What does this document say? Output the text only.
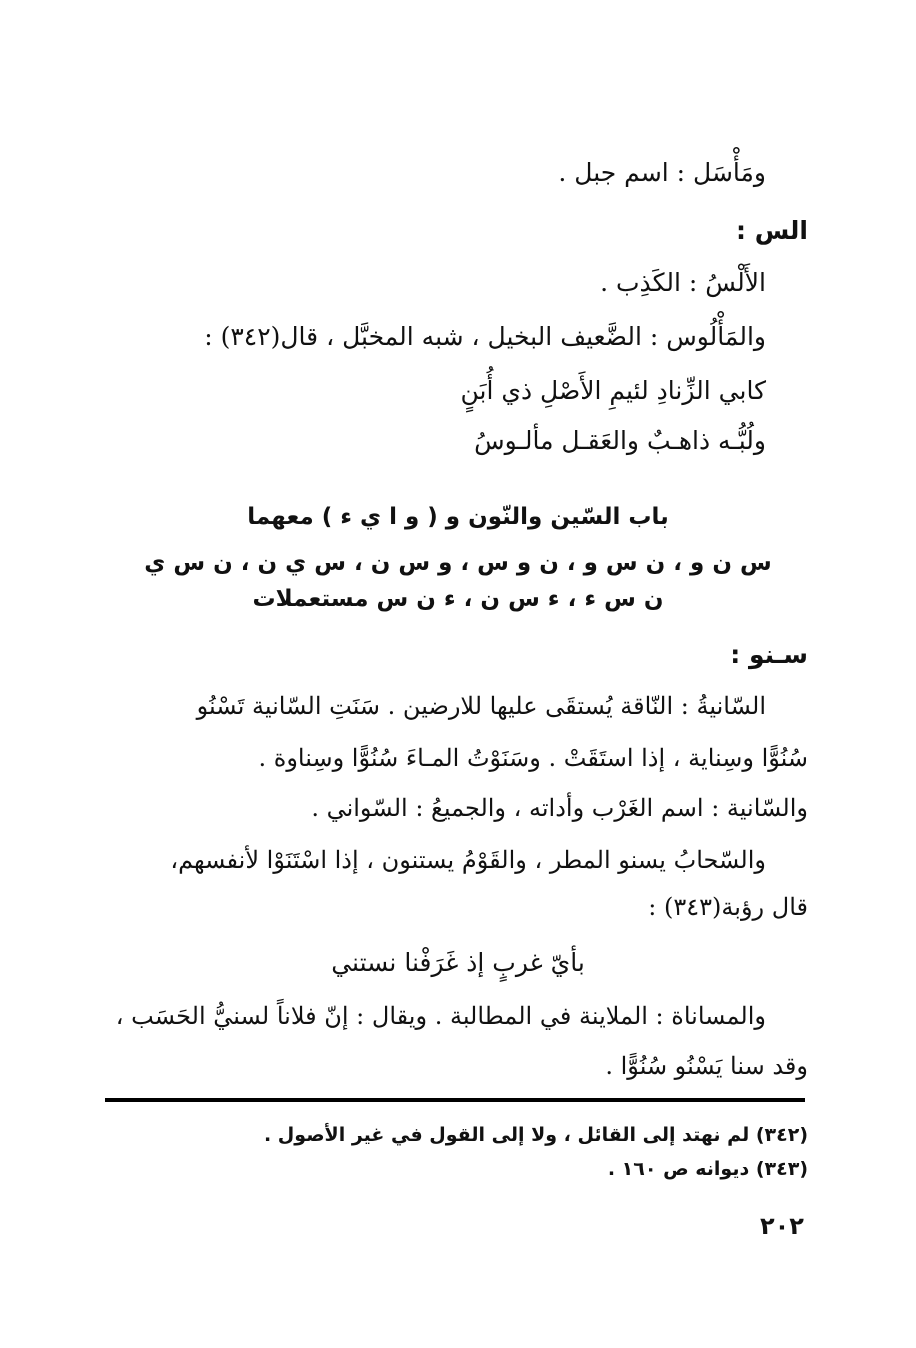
ومَأْسَل : اسم جبل .
الس :
الأَلْسُ : الكَذِب .
والمَأْلُوس : الضَّعيف البخيل ، شبه المخبَّل ، قال(٣٤٢) :
كابي الزِّنادِ لئيمِ الأَصْلِ ذي أُبَنٍ
ولُبُّـه ذاهـبٌ والعَقـل مألـوسُ
باب السّين والنّون و ( و ا ي ء ) معهما
س ن و ، ن س و ، ن و س ، و س ن ، س ي ن ، ن س ي
ن س ء ، ء س ن ، ء ن س مستعملات
سـنو :
السّانيةُ : النّاقة يُستقَى عليها للارضين . سَنَتِ السّانية تَسْنُو
سُنُوًّا وسِناية ، إذا استَقَتْ . وسَنَوْتُ المـاءَ سُنُوًّا وسِناوة .
والسّانية : اسم الغَرْب وأداته ، والجميعُ : السّواني .
والسّحابُ يسنو المطر ، والقَوْمُ يستنون ، إذا اسْتَنَوْا لأنفسهم،
قال رؤبة(٣٤٣) :
بأيّ غربٍ إذ غَرَفْنا نستني
والمساناة : الملاينة في المطالبة . ويقال : إنّ فلاناً لسنيُّ الحَسَب ،
وقد سنا يَسْنُو سُنُوًّا .
(٣٤٢) لم نهتد إلى القائل ، ولا إلى القول في غير الأصول .
(٣٤٣) ديوانه ص ١٦٠ .
٢٠٢
